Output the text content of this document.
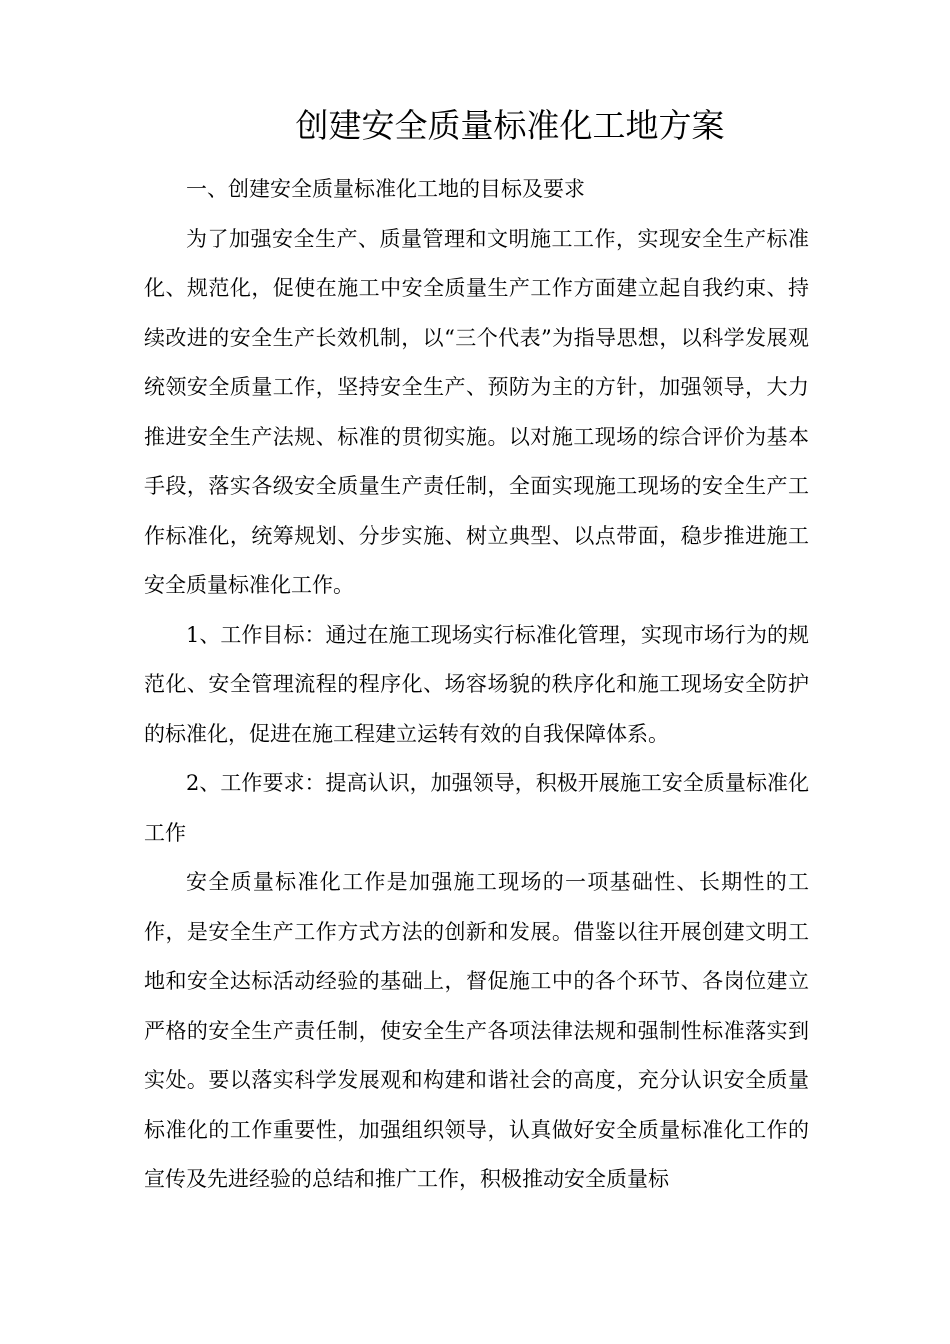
创建安全质量标准化工地方案

一、创建安全质量标准化工地的目标及要求

为了加强安全生产、质量管理和文明施工工作，实现安全生产标准化、规范化，促使在施工中安全质量生产工作方面建立起自我约束、持续改进的安全生产长效机制，以“三个代表”为指导思想，以科学发展观统领安全质量工作，坚持安全生产、预防为主的方针，加强领导，大力推进安全生产法规、标准的贯彻实施。以对施工现场的综合评价为基本手段，落实各级安全质量生产责任制，全面实现施工现场的安全生产工作标准化，统筹规划、分步实施、树立典型、以点带面，稳步推进施工安全质量标准化工作。

1、工作目标：通过在施工现场实行标准化管理，实现市场行为的规范化、安全管理流程的程序化、场容场貌的秩序化和施工现场安全防护的标准化，促进在施工程建立运转有效的自我保障体系。

2、工作要求：提高认识，加强领导，积极开展施工安全质量标准化工作

安全质量标准化工作是加强施工现场的一项基础性、长期性的工作，是安全生产工作方式方法的创新和发展。借鉴以往开展创建文明工地和安全达标活动经验的基础上，督促施工中的各个环节、各岗位建立严格的安全生产责任制，使安全生产各项法律法规和强制性标准落实到实处。要以落实科学发展观和构建和谐社会的高度，充分认识安全质量标准化的工作重要性，加强组织领导，认真做好安全质量标准化工作的宣传及先进经验的总结和推广工作，积极推动安全质量标
